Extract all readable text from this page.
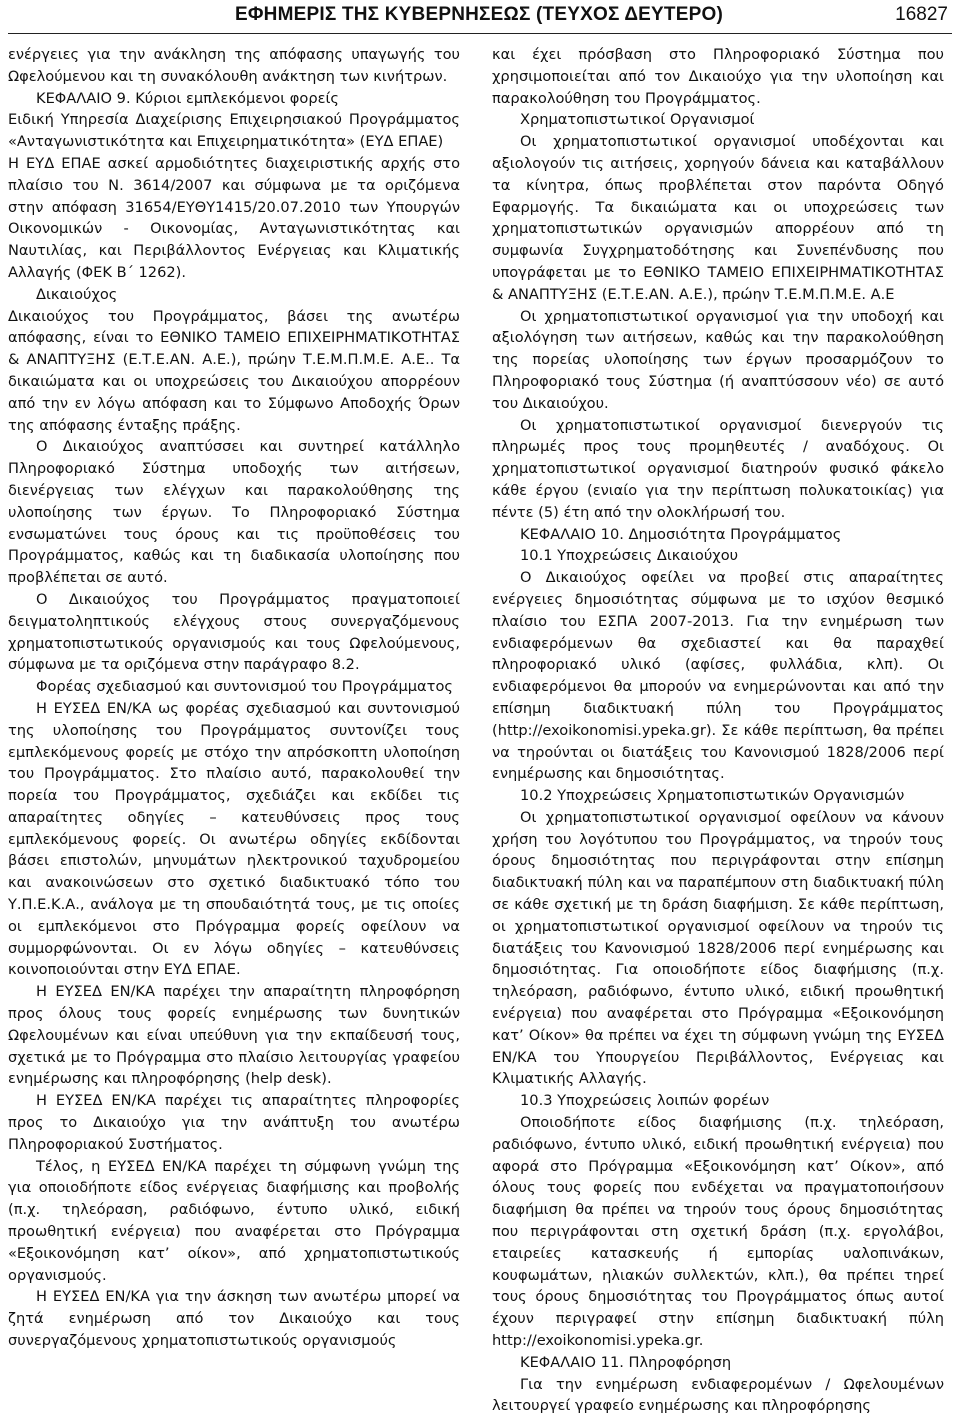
ΕΦΗΜΕΡΙΣ ΤΗΣ ΚΥΒΕΡΝΗΣΕΩΣ (ΤΕΥΧΟΣ ΔΕΥΤΕΡΟ)	16827

ενέργειες για την ανάκληση της απόφασης υπαγωγής του Ωφελούμενου και τη συνακόλουθη ανάκτηση των κινήτρων.

ΚΕΦΑΛΑΙΟ 9. Κύριοι εμπλεκόμενοι φορείς

Ειδική Υπηρεσία Διαχείρισης Επιχειρησιακού Προγράμματος «Ανταγωνιστικότητα και Επιχειρηματικότητα» (ΕΥΔ ΕΠΑΕ)

Η ΕΥΔ ΕΠΑΕ ασκεί αρμοδιότητες διαχειριστικής αρχής στο πλαίσιο του Ν. 3614/2007 και σύμφωνα με τα οριζόμενα στην απόφαση 31654/ΕΥΘΥ1415/20.07.2010 των Υπουργών Οικονομικών - Οικονομίας, Ανταγωνιστικότητας και Ναυτιλίας, και Περιβάλλοντος Ενέργειας και Κλιματικής Αλλαγής (ΦΕΚ Β΄ 1262).

Δικαιούχος

Δικαιούχος του Προγράμματος, βάσει της ανωτέρω απόφασης, είναι το ΕΘΝΙΚΟ ΤΑΜΕΙΟ ΕΠΙΧΕΙΡΗΜΑΤΙΚΟΤΗΤΑΣ & ΑΝΑΠΤΥΞΗΣ (Ε.Τ.Ε.ΑΝ. Α.Ε.), πρώην Τ.Ε.Μ.Π.Μ.Ε. Α.Ε.. Τα δικαιώματα και οι υποχρεώσεις του Δικαιούχου απορρέουν από την εν λόγω απόφαση και το Σύμφωνο Αποδοχής Όρων της απόφασης ένταξης πράξης.

Ο Δικαιούχος αναπτύσσει και συντηρεί κατάλληλο Πληροφοριακό Σύστημα υποδοχής των αιτήσεων, διενέργειας των ελέγχων και παρακολούθησης της υλοποίησης των έργων. Το Πληροφοριακό Σύστημα ενσωματώνει τους όρους και τις προϋποθέσεις του Προγράμματος, καθώς και τη διαδικασία υλοποίησης που προβλέπεται σε αυτό.

Ο Δικαιούχος του Προγράμματος πραγματοποιεί δειγματοληπτικούς ελέγχους στους συνεργαζόμενους χρηματοπιστωτικούς οργανισμούς και τους Ωφελούμενους, σύμφωνα με τα οριζόμενα στην παράγραφο 8.2.

Φορέας σχεδιασμού και συντονισμού του Προγράμματος

Η ΕΥΣΕΔ ΕΝ/ΚΑ ως φορέας σχεδιασμού και συντονισμού της υλοποίησης του Προγράμματος συντονίζει τους εμπλεκόμενους φορείς με στόχο την απρόσκοπτη υλοποίηση του Προγράμματος. Στο πλαίσιο αυτό, παρακολουθεί την πορεία του Προγράμματος, σχεδιάζει και εκδίδει τις απαραίτητες οδηγίες – κατευθύνσεις προς τους εμπλεκόμενους φορείς. Οι ανωτέρω οδηγίες εκδίδονται βάσει επιστολών, μηνυμάτων ηλεκτρονικού ταχυδρομείου και ανακοινώσεων στο σχετικό διαδικτυακό τόπο του Υ.Π.Ε.Κ.Α., ανάλογα με τη σπουδαιότητά τους, με τις οποίες οι εμπλεκόμενοι στο Πρόγραμμα φορείς οφείλουν να συμμορφώνονται. Οι εν λόγω οδηγίες – κατευθύνσεις κοινοποιούνται στην ΕΥΔ ΕΠΑΕ.

Η ΕΥΣΕΔ ΕΝ/ΚΑ παρέχει την απαραίτητη πληροφόρηση προς όλους τους φορείς ενημέρωσης των δυνητικών Ωφελουμένων και είναι υπεύθυνη για την εκπαίδευσή τους, σχετικά με το Πρόγραμμα στο πλαίσιο λειτουργίας γραφείου ενημέρωσης και πληροφόρησης (help desk).

Η ΕΥΣΕΔ ΕΝ/ΚΑ παρέχει τις απαραίτητες πληροφορίες προς το Δικαιούχο για την ανάπτυξη του ανωτέρω Πληροφοριακού Συστήματος.

Τέλος, η ΕΥΣΕΔ ΕΝ/ΚΑ παρέχει τη σύμφωνη γνώμη της για οποιοδήποτε είδος ενέργειας διαφήμισης και προβολής (π.χ. τηλεόραση, ραδιόφωνο, έντυπο υλικό, ειδική προωθητική ενέργεια) που αναφέρεται στο Πρόγραμμα «Εξοικονόμηση κατ’ οίκον», από χρηματοπιστωτικούς οργανισμούς.

Η ΕΥΣΕΔ ΕΝ/ΚΑ για την άσκηση των ανωτέρω μπορεί να ζητά ενημέρωση από τον Δικαιούχο και τους συνεργαζόμενους χρηματοπιστωτικούς οργανισμούς

και έχει πρόσβαση στο Πληροφοριακό Σύστημα που χρησιμοποιείται από τον Δικαιούχο για την υλοποίηση και παρακολούθηση του Προγράμματος.

Χρηματοπιστωτικοί Οργανισμοί

Οι χρηματοπιστωτικοί οργανισμοί υποδέχονται και αξιολογούν τις αιτήσεις, χορηγούν δάνεια και καταβάλλουν τα κίνητρα, όπως προβλέπεται στον παρόντα Οδηγό Εφαρμογής. Τα δικαιώματα και οι υποχρεώσεις των χρηματοπιστωτικών οργανισμών απορρέουν από τη συμφωνία Συγχρηματοδότησης και Συνεπένδυσης που υπογράφεται με το ΕΘΝΙΚΟ ΤΑΜΕΙΟ ΕΠΙΧΕΙΡΗΜΑΤΙΚΟΤΗΤΑΣ & ΑΝΑΠΤΥΞΗΣ (Ε.Τ.Ε.ΑΝ. Α.Ε.), πρώην Τ.Ε.Μ.Π.Μ.Ε. Α.Ε

Οι χρηματοπιστωτικοί οργανισμοί για την υποδοχή και αξιολόγηση των αιτήσεων, καθώς και την παρακολούθηση της πορείας υλοποίησης των έργων προσαρμόζουν το Πληροφοριακό τους Σύστημα (ή αναπτύσσουν νέο) σε αυτό του Δικαιούχου.

Οι χρηματοπιστωτικοί οργανισμοί διενεργούν τις πληρωμές προς τους προμηθευτές / αναδόχους. Οι χρηματοπιστωτικοί οργανισμοί διατηρούν φυσικό φάκελο κάθε έργου (ενιαίο για την περίπτωση πολυκατοικίας) για πέντε (5) έτη από την ολοκλήρωσή του.

ΚΕΦΑΛΑΙΟ 10. Δημοσιότητα Προγράμματος

10.1 Υποχρεώσεις Δικαιούχου

Ο Δικαιούχος οφείλει να προβεί στις απαραίτητες ενέργειες δημοσιότητας σύμφωνα με το ισχύον θεσμικό πλαίσιο του ΕΣΠΑ 2007-2013. Για την ενημέρωση των ενδιαφερόμενων θα σχεδιαστεί και θα παραχθεί πληροφοριακό υλικό (αφίσες, φυλλάδια, κλπ). Οι ενδιαφερόμενοι θα μπορούν να ενημερώνονται και από την επίσημη διαδικτυακή πύλη του Προγράμματος (http://exoikonomisi.ypeka.gr). Σε κάθε περίπτωση, θα πρέπει να τηρούνται οι διατάξεις του Κανονισμού 1828/2006 περί ενημέρωσης και δημοσιότητας.

10.2 Υποχρεώσεις Χρηματοπιστωτικών Οργανισμών

Οι χρηματοπιστωτικοί οργανισμοί οφείλουν να κάνουν χρήση του λογότυπου του Προγράμματος, να τηρούν τους όρους δημοσιότητας που περιγράφονται στην επίσημη διαδικτυακή πύλη και να παραπέμπουν στη διαδικτυακή πύλη σε κάθε σχετική με τη δράση διαφήμιση. Σε κάθε περίπτωση, οι χρηματοπιστωτικοί οργανισμοί οφείλουν να τηρούν τις διατάξεις του Κανονισμού 1828/2006 περί ενημέρωσης και δημοσιότητας. Για οποιοδήποτε είδος διαφήμισης (π.χ. τηλεόραση, ραδιόφωνο, έντυπο υλικό, ειδική προωθητική ενέργεια) που αναφέρεται στο Πρόγραμμα «Εξοικονόμηση κατ’ Οίκον» θα πρέπει να έχει τη σύμφωνη γνώμη της ΕΥΣΕΔ ΕΝ/ΚΑ του Υπουργείου Περιβάλλοντος, Ενέργειας και Κλιματικής Αλλαγής.

10.3 Υποχρεώσεις λοιπών φορέων

Οποιοδήποτε είδος διαφήμισης (π.χ. τηλεόραση, ραδιόφωνο, έντυπο υλικό, ειδική προωθητική ενέργεια) που αφορά στο Πρόγραμμα «Εξοικονόμηση κατ’ Οίκον», από όλους τους φορείς που ενδέχεται να πραγματοποιήσουν διαφήμιση θα πρέπει να τηρούν τους όρους δημοσιότητας που περιγράφονται στη σχετική δράση (π.χ. εργολάβοι, εταιρείες κατασκευής ή εμπορίας υαλοπινάκων, κουφωμάτων, ηλιακών συλλεκτών, κλπ.), θα πρέπει τηρεί τους όρους δημοσιότητας του Προγράμματος όπως αυτοί έχουν περιγραφεί στην επίσημη διαδικτυακή πύλη http://exoikonomisi.ypeka.gr.

ΚΕΦΑΛΑΙΟ 11. Πληροφόρηση

Για την ενημέρωση ενδιαφερομένων / Ωφελουμένων λειτουργεί γραφείο ενημέρωσης και πληροφόρησης
